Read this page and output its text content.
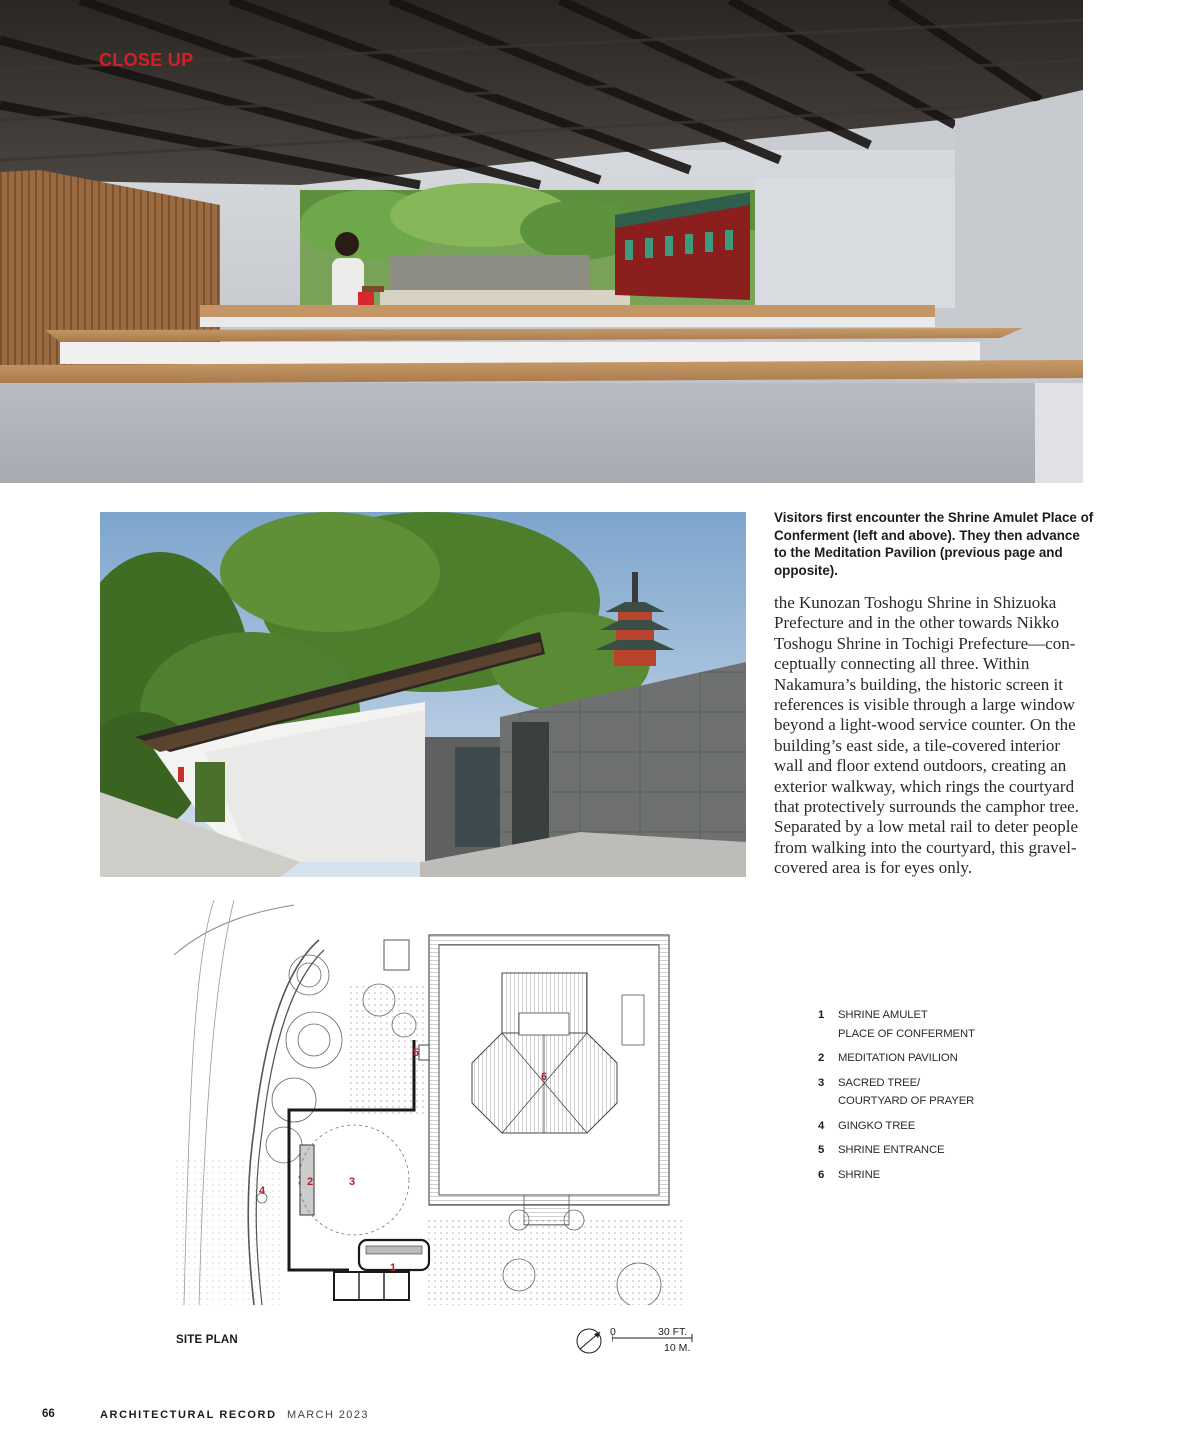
CLOSE UP
Visitors first encounter the Shrine Amulet Place of Conferment (left and above). They then advance to the Meditation Pavilion (previous page and opposite).
the Kunozan Toshogu Shrine in Shizuoka Prefecture and in the other towards Nikko Toshogu Shrine in Tochigi Prefecture—conceptually connecting all three. Within Nakamura’s building, the historic screen it references is visible through a large window beyond a light-wood service counter. On the building’s east side, a tile-covered interior wall and floor extend outdoors, creating an exterior walkway, which rings the courtyard that protectively surrounds the camphor tree. Separated by a low metal rail to deter people from walking into the courtyard, this gravel-covered area is for eyes only.
1
2	3
4
5
6
SITE PLAN
0	30 FT.
10 M.
1	SHRINE AMULET
PLACE OF CONFERMENT
2	MEDITATION PAVILION
3	SACRED TREE/
COURTYARD OF PRAYER
4	GINGKO TREE
5	SHRINE ENTRANCE
6	SHRINE
66	ARCHITECTURAL RECORD MARCH 2023
